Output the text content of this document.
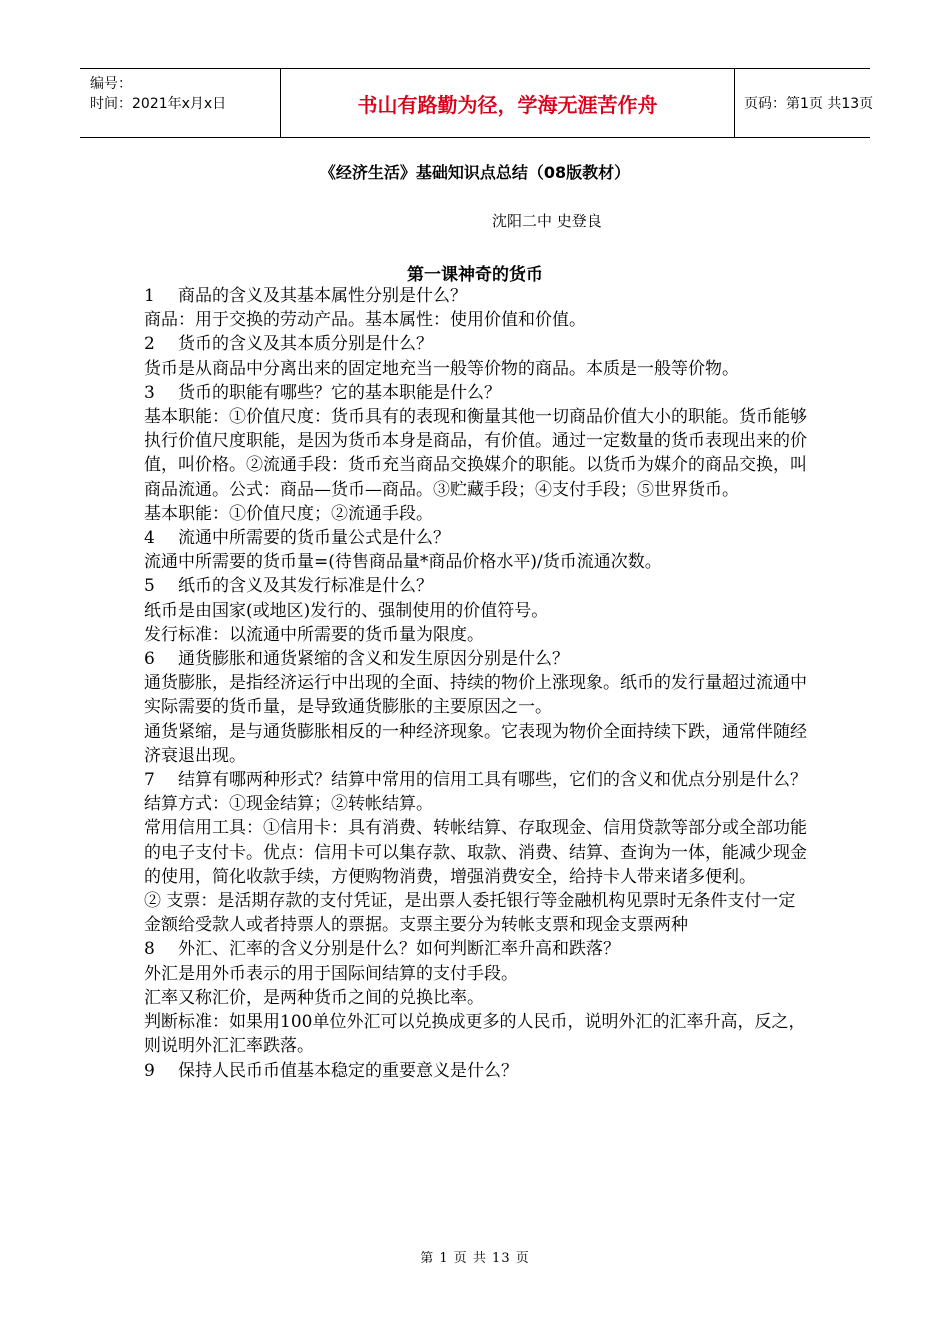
编号：
时间：2021年x月x日	书山有路勤为径，学海无涯苦作舟	页码：第1页 共13页
《经济生活》基础知识点总结（08版教材）
沈阳二中 史登良
第一课神奇的货币

1 商品的含义及其基本属性分别是什么？

商品：用于交换的劳动产品。基本属性：使用价值和价值。

2 货币的含义及其本质分别是什么？

货币是从商品中分离出来的固定地充当一般等价物的商品。本质是一般等价物。

3 货币的职能有哪些？它的基本职能是什么？

基本职能：①价值尺度：货币具有的表现和衡量其他一切商品价值大小的职能。货币能够执行价值尺度职能，是因为货币本身是商品，有价值。通过一定数量的货币表现出来的价值，叫价格。②流通手段：货币充当商品交换媒介的职能。以货币为媒介的商品交换，叫商品流通。公式：商品—货币—商品。③贮藏手段；④支付手段；⑤世界货币。

基本职能：①价值尺度；②流通手段。

4 流通中所需要的货币量公式是什么？

流通中所需要的货币量=(待售商品量*商品价格水平)/货币流通次数。

5 纸币的含义及其发行标准是什么？

纸币是由国家(或地区)发行的、强制使用的价值符号。

发行标准：以流通中所需要的货币量为限度。

6 通货膨胀和通货紧缩的含义和发生原因分别是什么？

通货膨胀，是指经济运行中出现的全面、持续的物价上涨现象。纸币的发行量超过流通中实际需要的货币量，是导致通货膨胀的主要原因之一。

通货紧缩，是与通货膨胀相反的一种经济现象。它表现为物价全面持续下跌，通常伴随经济衰退出现。

7 结算有哪两种形式？结算中常用的信用工具有哪些，它们的含义和优点分别是什么？

结算方式：①现金结算；②转帐结算。

常用信用工具：①信用卡：具有消费、转帐结算、存取现金、信用贷款等部分或全部功能的电子支付卡。优点：信用卡可以集存款、取款、消费、结算、查询为一体，能减少现金的使用，简化收款手续，方便购物消费，增强消费安全，给持卡人带来诸多便利。

② 支票：是活期存款的支付凭证，是出票人委托银行等金融机构见票时无条件支付一定金额给受款人或者持票人的票据。支票主要分为转帐支票和现金支票两种

8 外汇、汇率的含义分别是什么？如何判断汇率升高和跌落？

外汇是用外币表示的用于国际间结算的支付手段。

汇率又称汇价，是两种货币之间的兑换比率。

判断标准：如果用100单位外汇可以兑换成更多的人民币，说明外汇的汇率升高，反之，则说明外汇汇率跌落。

9 保持人民币币值基本稳定的重要意义是什么？

第 1 页 共 13 页
